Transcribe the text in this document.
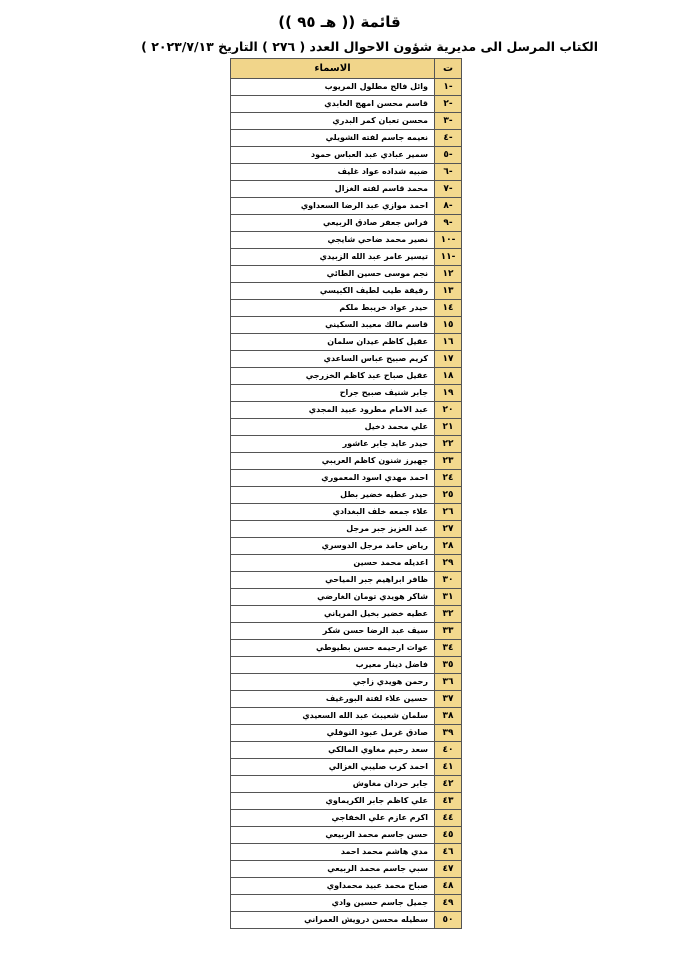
قائمة (( هـ ٩٥ ))
الكتاب المرسل الى مديرية شؤون الاحوال العدد ( ٢٧٦ ) التاريخ ٢٠٢٣/٧/١٣ )
ت	الاسماء
-١	وائل فالح مطلول المريوب
-٢	قاسم محسن امهج العابدي
-٣	محسن تعبان كمر البدري
-٤	نعيمه جاسم لفته الشويلي
-٥	سمير عبادي عبد العباس حمود
-٦	ضبيه شداده عواد غليف
-٧	محمد قاسم لفته الغزال
-٨	احمد موازي عبد الرضا السعداوي
-٩	فراس جعفر صادق الربيعي
-١٠	نصير محمد ضاحي شايجي
-١١	تيسير عامر عبد الله الزبيدي
١٢	نجم موسى حسين الطائي
١٣	رفيقة طيب لطيف الكبيسي
١٤	حيدر عواد خريبط ملكم
١٥	قاسم مالك معيبد السكيني
١٦	عقيل كاظم عيدان سلمان
١٧	كريم صبيح عباس الساعدي
١٨	عقيل صباح عبد كاظم الخزرجي
١٩	جابر شنيف صبيح جراح
٢٠	عبد الامام مطرود عبيد المجدي
٢١	علي محمد دخيل
٢٢	حيدر عايد جابر عاشور
٢٣	جهيرز شنون كاظم العريبي
٢٤	احمد مهدي اسود المعموري
٢٥	حيدر عطيه خضير بطل
٢٦	علاء جمعه خلف البغدادي
٢٧	عبد العزيز جبر مرجل
٢٨	رياض حامد مرجل الدوسري
٢٩	اعديله محمد حسين
٣٠	ظافر ابراهيم جبر المياحي
٣١	شاكر هويدي تومان الغارضي
٣٢	عطيه خضير بخيل المرياني
٣٣	سيف عبد الرضا حسن شكر
٣٤	عوات ارحيمه حسن بطيوطي
٣٥	فاضل دينار معيرب
٣٦	رحمن هويدي زاجي
٣٧	حسين علاء لفتة البورغيف
٣٨	سلمان شعيبث عبد الله السعيدي
٣٩	صادق غرمل عبود النوفلي
٤٠	سعد رحيم مغاوي المالكي
٤١	احمد كرب صليبي الغزالي
٤٢	جابر حردان مغاوش
٤٣	علي كاظم جابر الكريماوي
٤٤	اكرم عازم علي الخفاجي
٤٥	حسن جاسم محمد الربيعي
٤٦	مدي هاشم محمد احمد
٤٧	سبي جاسم محمد الربيعي
٤٨	صباح محمد عبيد محمداوي
٤٩	جميل جاسم حسين وادي
٥٠	سطيله محسن درويش العمراني
